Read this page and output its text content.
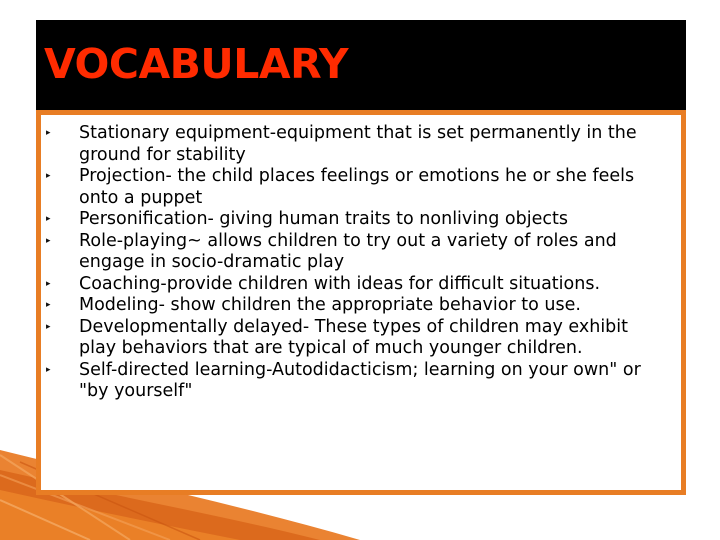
VOCABULARY
▸ Stationary equipment-equipment that is set permanently in the ground for stability
▸ Projection- the child places feelings or emotions he or she feels onto a puppet
▸ Personification- giving human traits to nonliving objects
▸ Role-playing~ allows children to try out a variety of roles and engage in socio-dramatic play
▸ Coaching-provide children with ideas for difficult situations.
▸ Modeling- show children the appropriate behavior to use.
▸ Developmentally delayed- These types of children may exhibit play behaviors that are typical of much younger children.
▸ Self-directed learning-Autodidacticism; learning on your own" or "by yourself"
